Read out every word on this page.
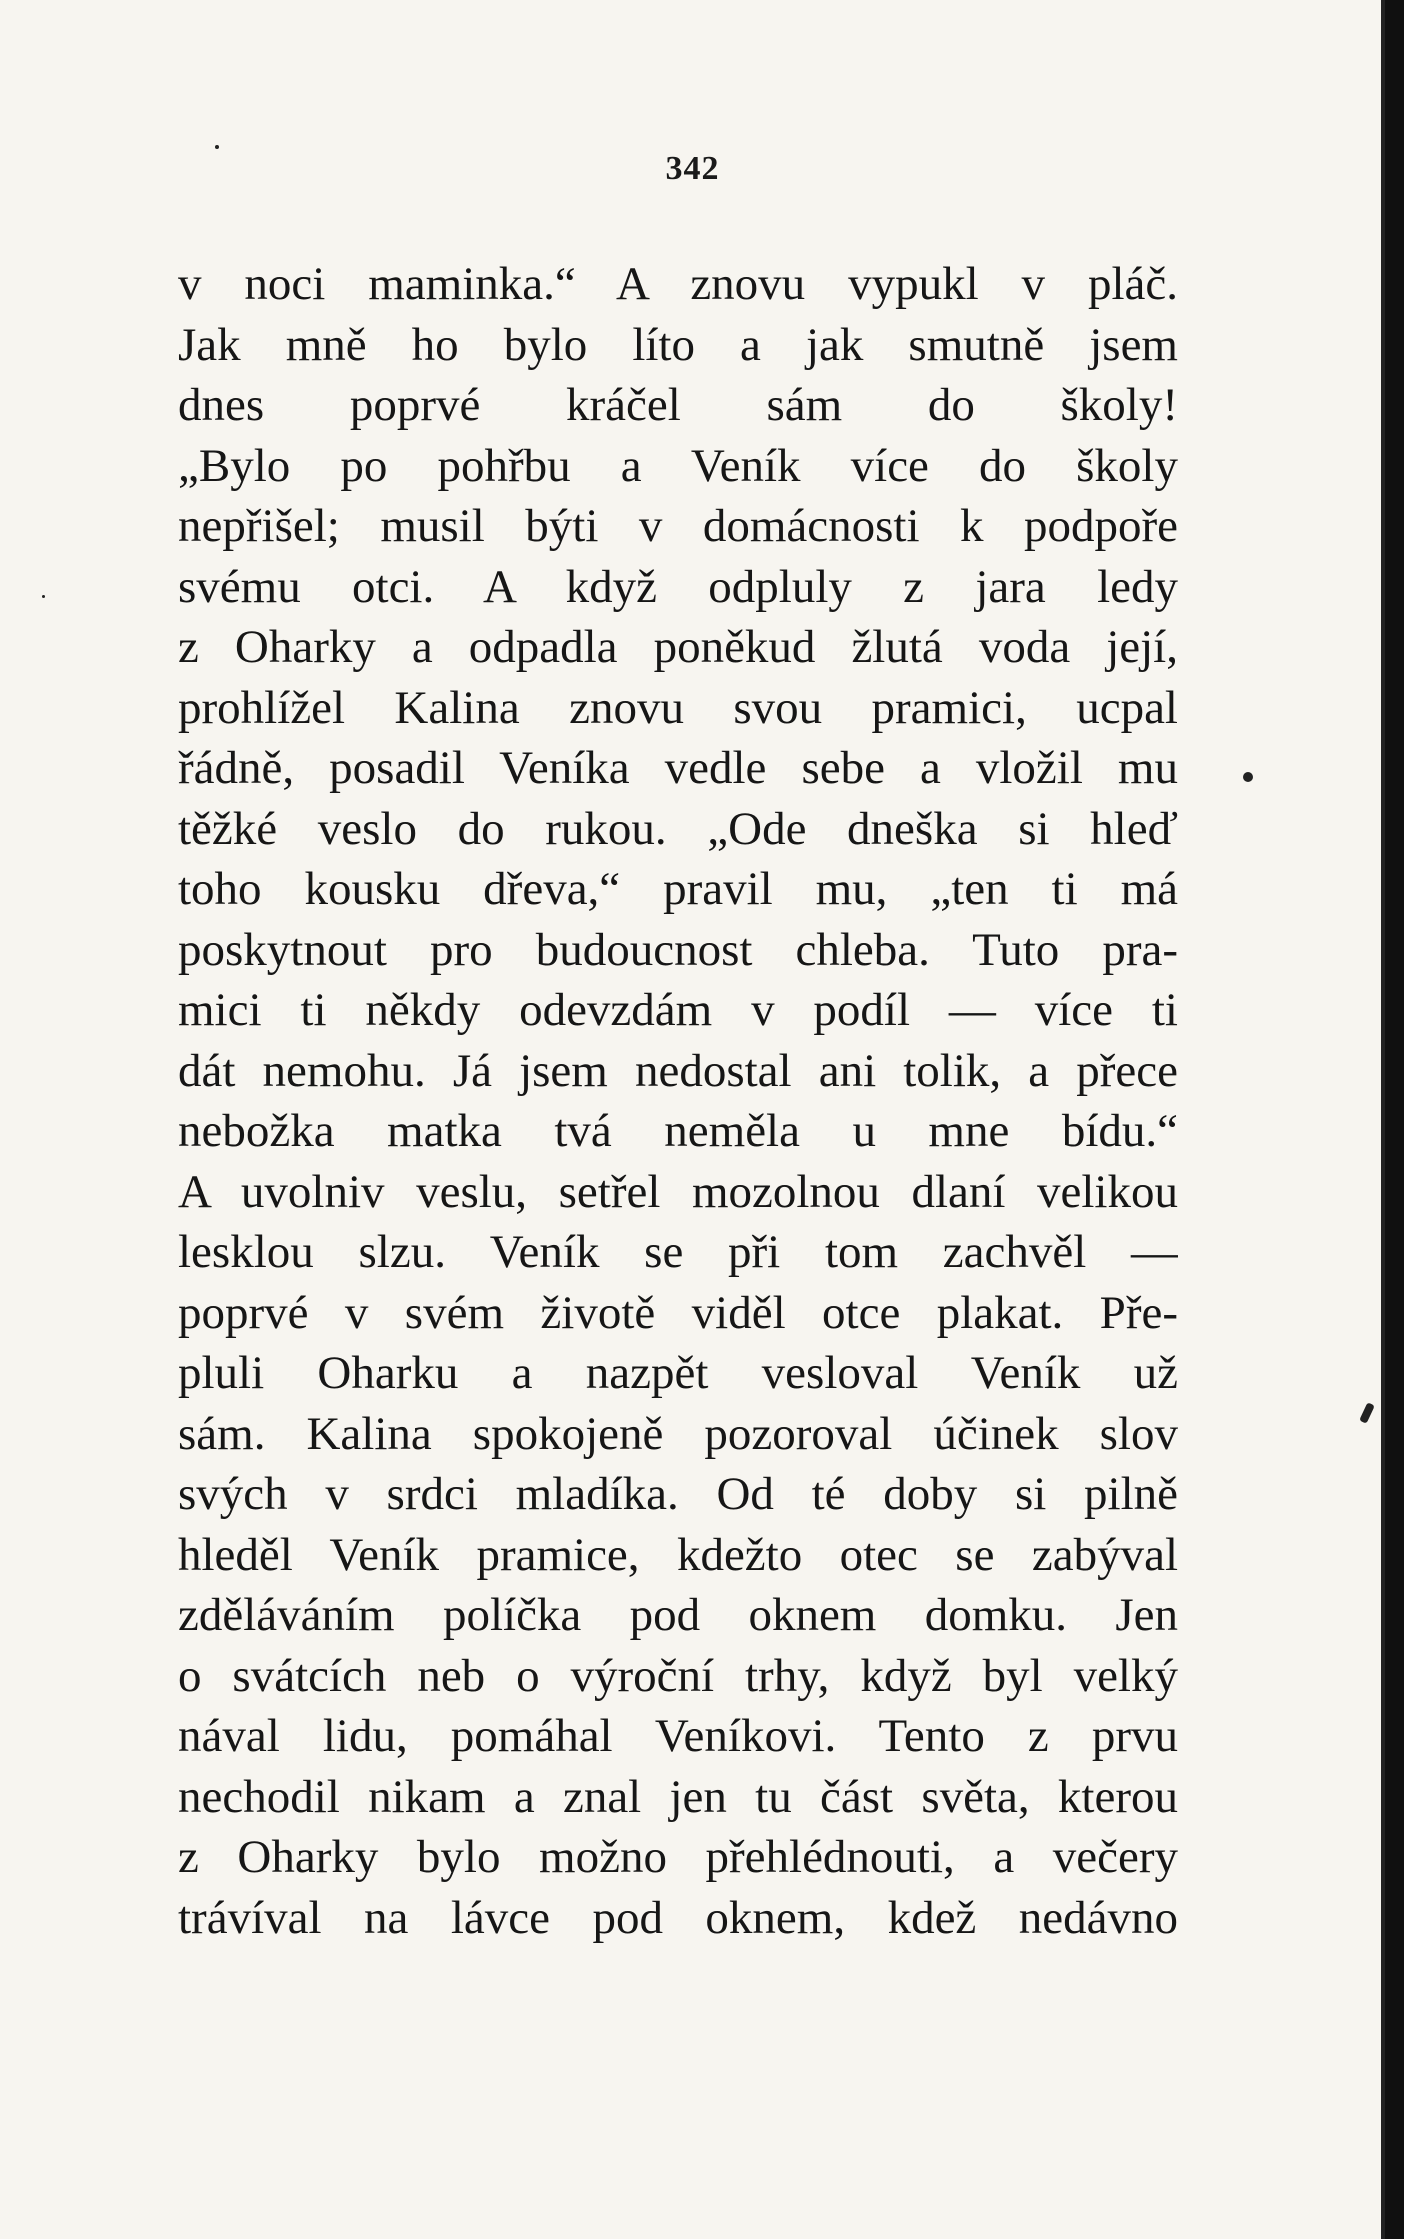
342
v noci maminka.“ A znovu vypukl v pláč.
Jak mně ho bylo líto a jak smutně jsem
dnes poprvé kráčel sám do školy!
„Bylo po pohřbu a Veník více do školy
nepřišel; musil býti v domácnosti k podpoře
svému otci. A když odpluly z jara ledy
z Oharky a odpadla poněkud žlutá voda její,
prohlížel Kalina znovu svou pramici, ucpal
řádně, posadil Veníka vedle sebe a vložil mu
těžké veslo do rukou. „Ode dneška si hleď
toho kousku dřeva,“ pravil mu, „ten ti má
poskytnout pro budoucnost chleba. Tuto pra-
mici ti někdy odevzdám v podíl — více ti
dát nemohu. Já jsem nedostal ani tolik, a přece
nebožka matka tvá neměla u mne bídu.“
A uvolniv veslu, setřel mozolnou dlaní velikou
lesklou slzu. Veník se při tom zachvěl —
poprvé v svém životě viděl otce plakat. Pře-
pluli Oharku a nazpět vesloval Veník už
sám. Kalina spokojeně pozoroval účinek slov
svých v srdci mladíka. Od té doby si pilně
hleděl Veník pramice, kdežto otec se zabýval
zděláváním políčka pod oknem domku. Jen
o svátcích neb o výroční trhy, když byl velký
nával lidu, pomáhal Veníkovi. Tento z prvu
nechodil nikam a znal jen tu část světa, kterou
z Oharky bylo možno přehlédnouti, a večery
trávíval na lávce pod oknem, kdež nedávno
